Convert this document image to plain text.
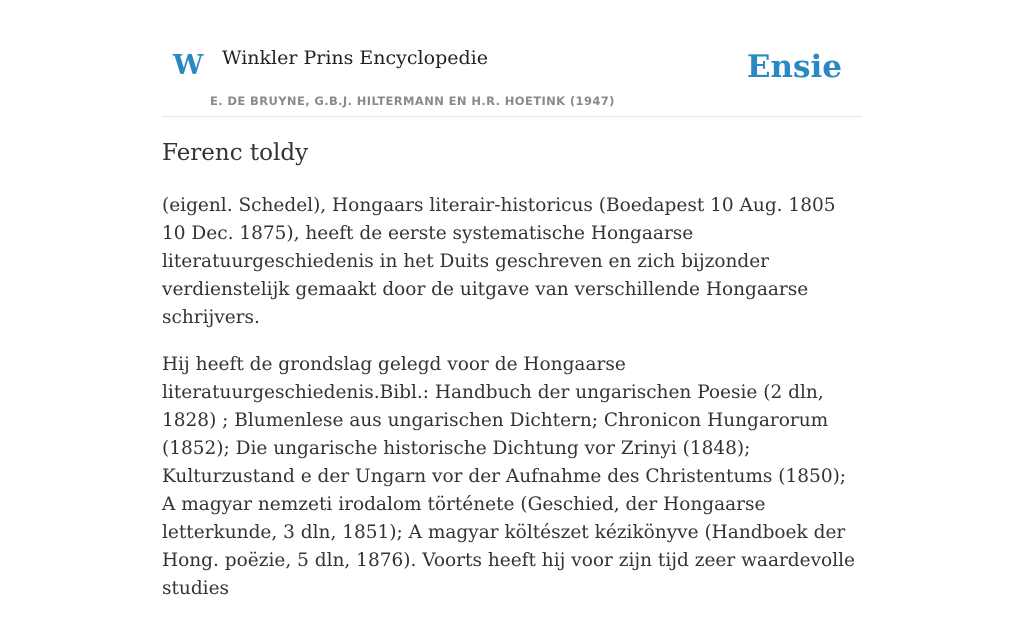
W Winkler Prins Encyclopedie
E. DE BRUYNE, G.B.J. HILTERMANN EN H.R. HOETINK (1947)
Ensie
Ferenc toldy

(eigenl. Schedel), Hongaars literair-historicus (Boedapest 10 Aug. 1805 10 Dec. 1875), heeft de eerste systematische Hongaarse literatuurgeschiedenis in het Duits geschreven en zich bijzonder verdienstelijk gemaakt door de uitgave van verschillende Hongaarse schrijvers.

Hij heeft de grondslag gelegd voor de Hongaarse literatuurgeschiedenis.Bibl.: Handbuch der ungarischen Poesie (2 dln, 1828) ; Blumenlese aus ungarischen Dichtern; Chronicon Hungarorum (1852); Die ungarische historische Dichtung vor Zrinyi (1848); Kulturzustand e der Ungarn vor der Aufnahme des Christentums (1850); A magyar nemzeti irodalom története (Geschied, der Hongaarse letterkunde, 3 dln, 1851); A magyar költészet kézikönyve (Handboek der Hong. poëzie, 5 dln, 1876). Voorts heeft hij voor zijn tijd zeer waardevolle studies
